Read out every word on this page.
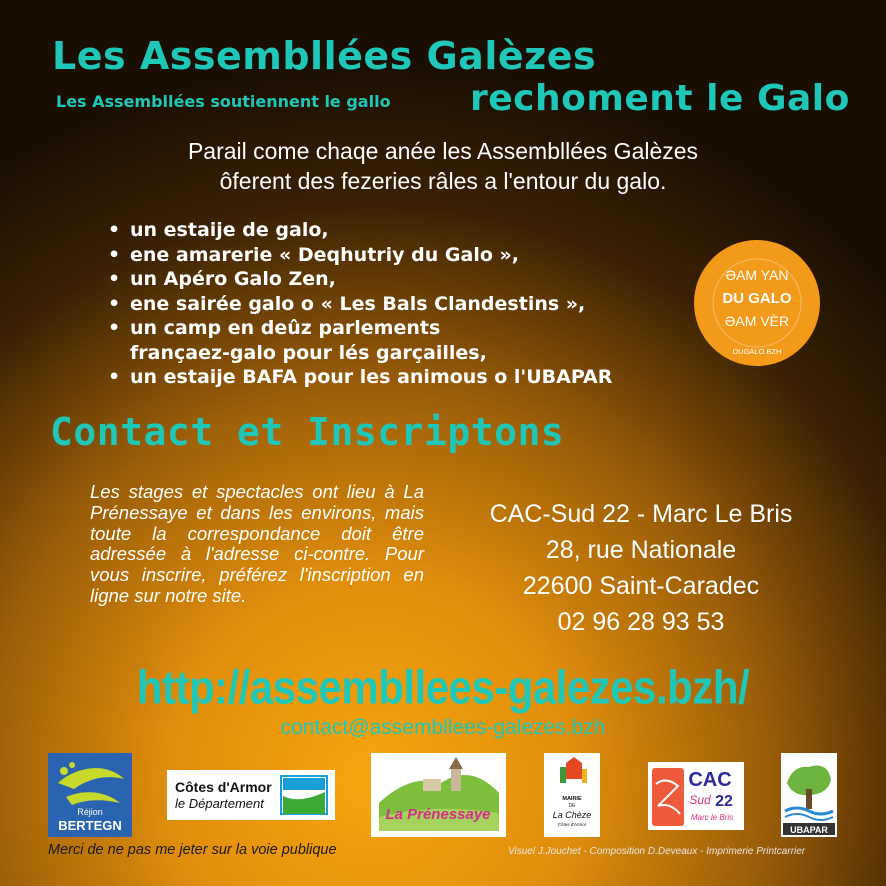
Les Assembllées Galèzes
Les Assembllées soutiennent le gallo rechoment le Galo
Parail come chaqe anée les Assembllées Galèzes
ôferent des fezeries râles a l'entour du galo.
• un estaije de galo,
• ene amarerie « Deqhutriy du Galo »,
• un Apéro Galo Zen,
• ene sairée galo o « Les Bals Clandestins »,
• un camp en deûz parlements
françaez-galo pour lés garçailles,
• un estaije BAFA pour les animous o l'UBAPAR
ƏAM YAN
DU GALO
ƏAM VÈR
DUGALO.BZH
Contact et Inscriptons
Les stages et spectacles ont lieu à La Prénessaye et dans les environs, mais toute la correspondance doit être adressée à l'adresse ci-contre. Pour vous inscrire, préférez l'inscription en ligne sur notre site.
CAC-Sud 22 - Marc Le Bris
28, rue Nationale
22600 Saint-Caradec
02 96 28 93 53
http://assembllees-galezes.bzh/
contact@assembllees-galezes.bzh
Réjion
BERTEGN
Côtes d'Armor
le Département
La Prénessaye
MAIRIE
DE
La Chèze
Côtes d'Armor
CAC
Sud 22
Marc le Bris
UBAPAR
Merci de ne pas me jeter sur la voie publique	Visuel J.Jouchet - Composition D.Deveaux - Imprimerie Printcarrier
